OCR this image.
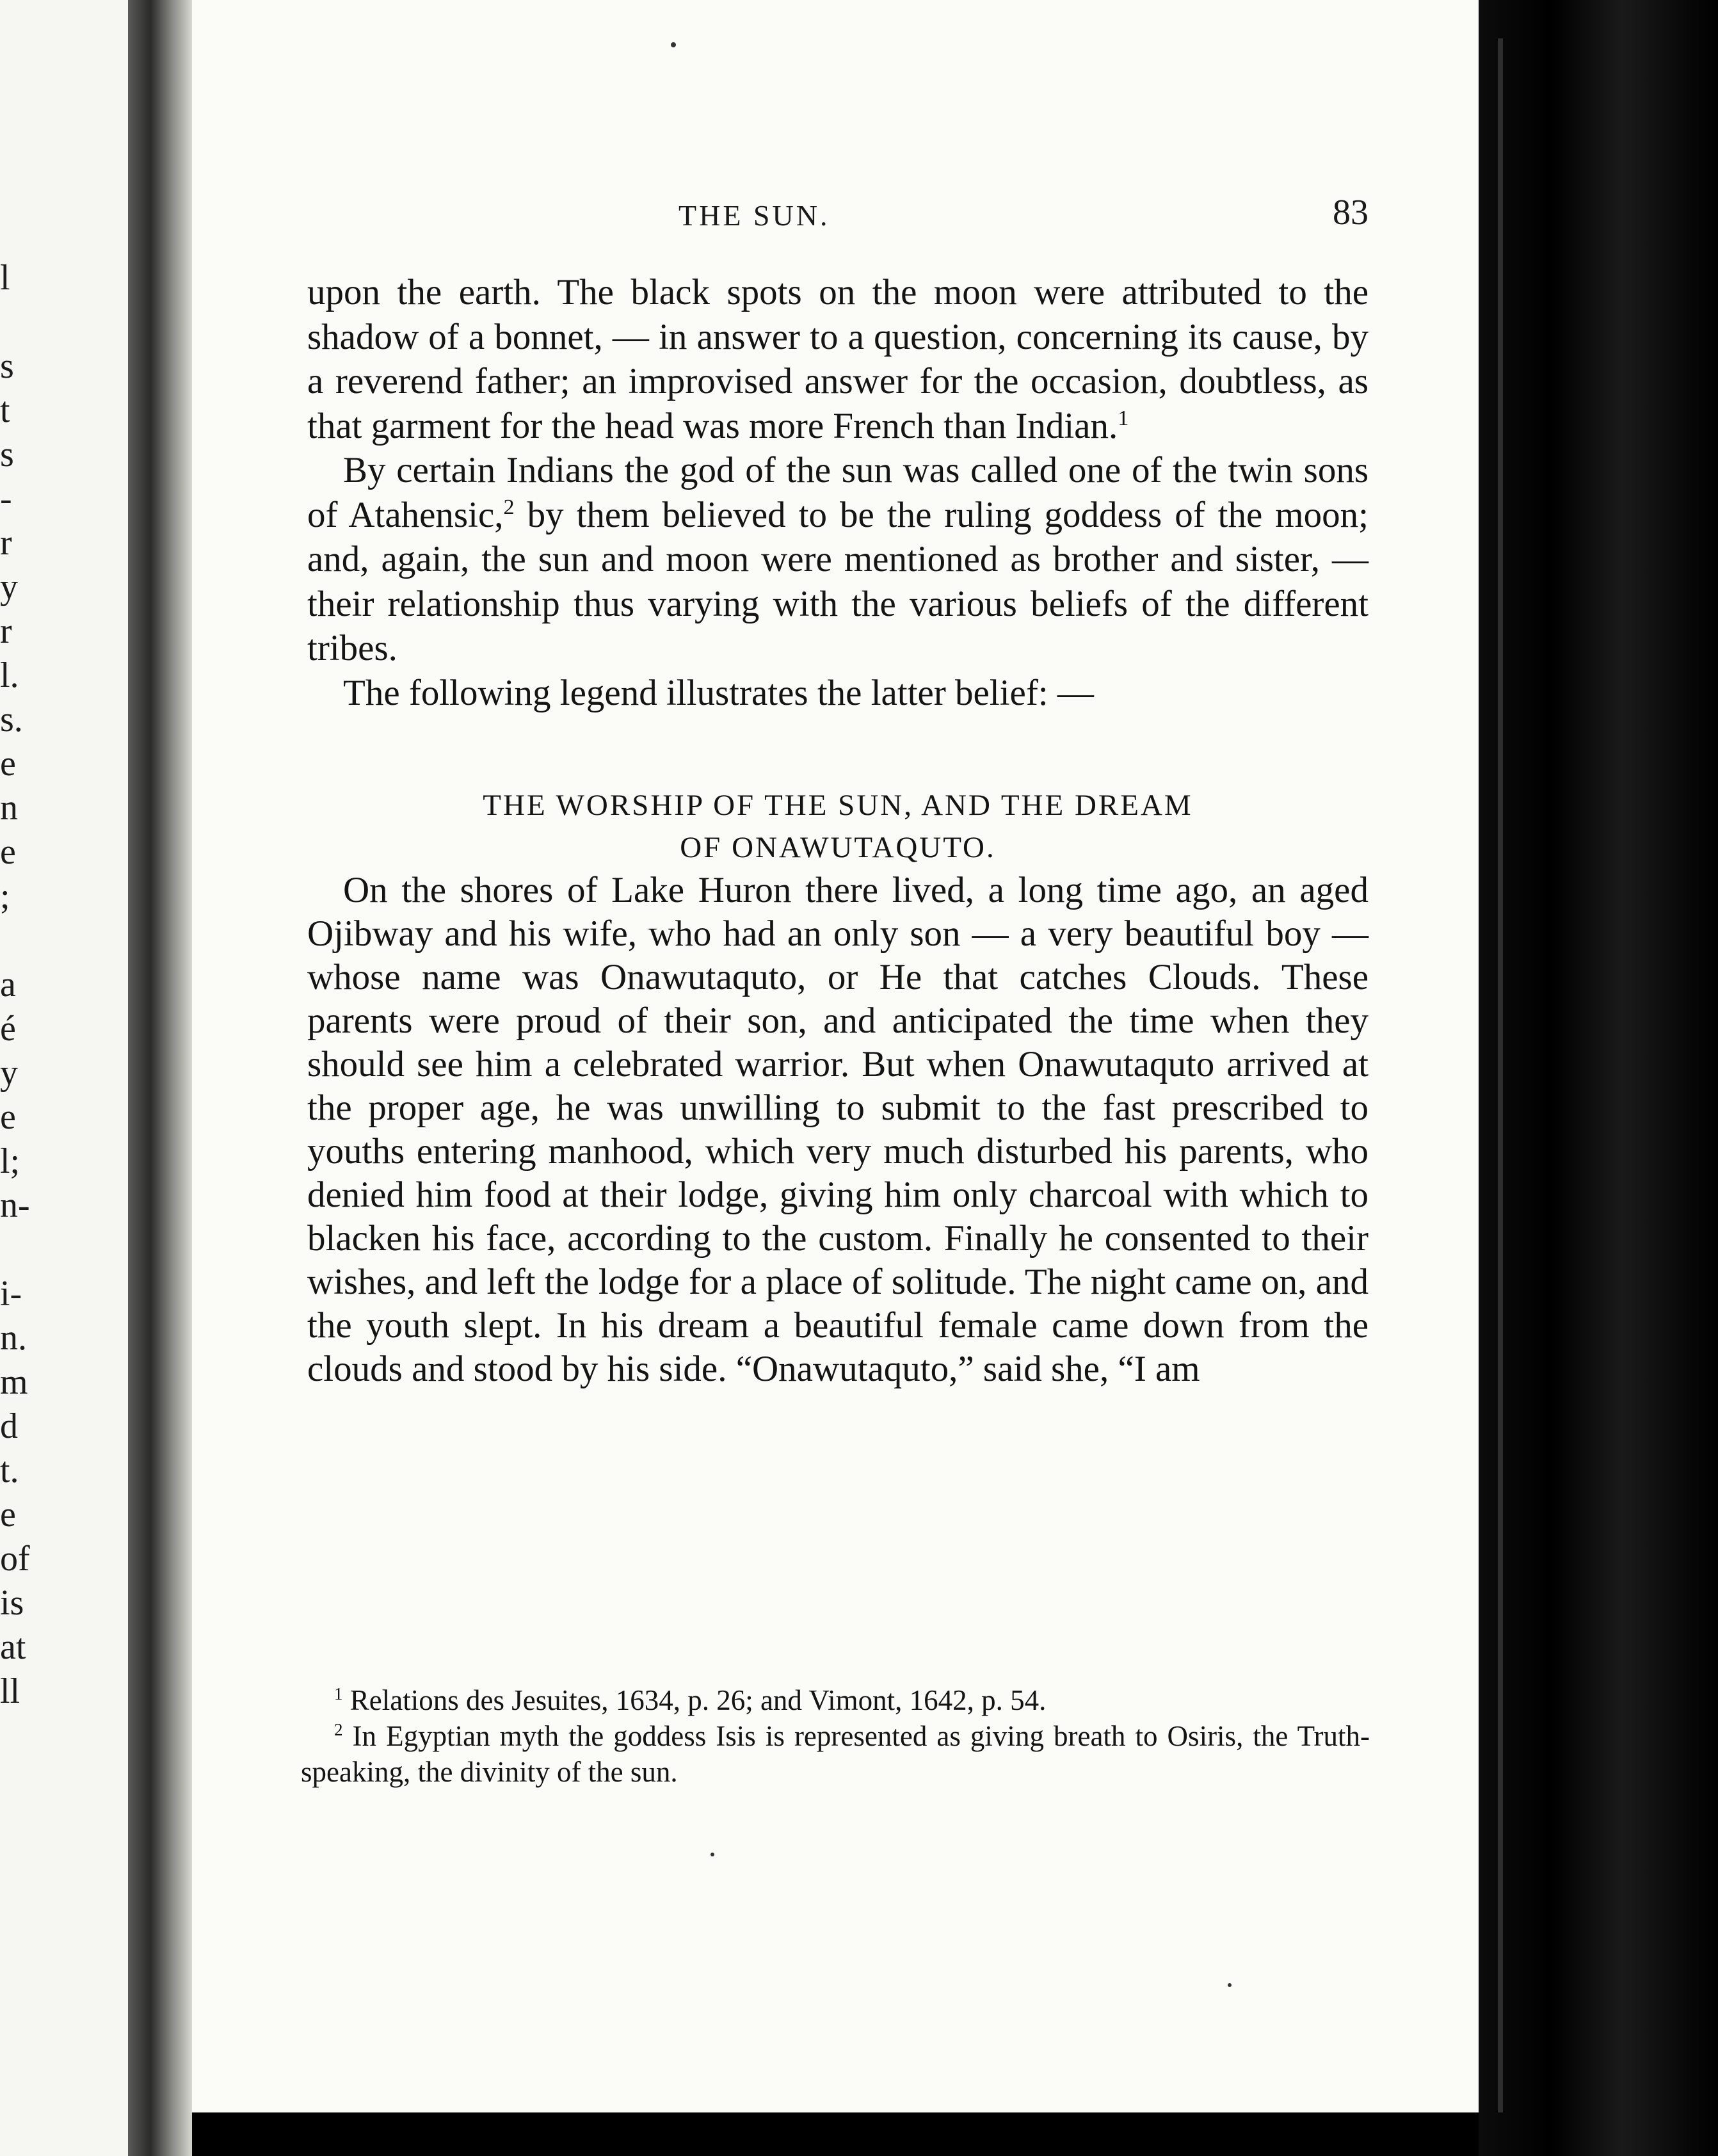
l
s
t
s
-
r
y
r
l.
s.
e
n
e
;
a
é
y
e
l;
n-
i-
n.
m
d
t.
e
of
is
at
ll
THE SUN.	83

upon the earth. The black spots on the moon were attributed to the shadow of a bonnet, — in answer to a question, concerning its cause, by a reverend father; an improvised answer for the occasion, doubtless, as that garment for the head was more French than Indian.$^1$

By certain Indians the god of the sun was called one of the twin sons of Atahensic,$^2$ by them believed to be the ruling goddess of the moon; and, again, the sun and moon were mentioned as brother and sister, — their relationship thus varying with the various beliefs of the different tribes.

The following legend illustrates the latter belief: —

THE WORSHIP OF THE SUN, AND THE DREAM
OF ONAWUTAQUTO.

On the shores of Lake Huron there lived, a long time ago, an aged Ojibway and his wife, who had an only son — a very beautiful boy — whose name was Onawutaquto, or He that catches Clouds. These parents were proud of their son, and anticipated the time when they should see him a celebrated warrior. But when Onawutaquto arrived at the proper age, he was unwilling to submit to the fast prescribed to youths entering manhood, which very much disturbed his parents, who denied him food at their lodge, giving him only charcoal with which to blacken his face, according to the custom. Finally he consented to their wishes, and left the lodge for a place of solitude. The night came on, and the youth slept. In his dream a beautiful female came down from the clouds and stood by his side. “Onawutaquto,” said she, “I am

$^1$ Relations des Jesuites, 1634, p. 26; and Vimont, 1642, p. 54.

$^2$ In Egyptian myth the goddess Isis is represented as giving breath to Osiris, the Truth-speaking, the divinity of the sun.
